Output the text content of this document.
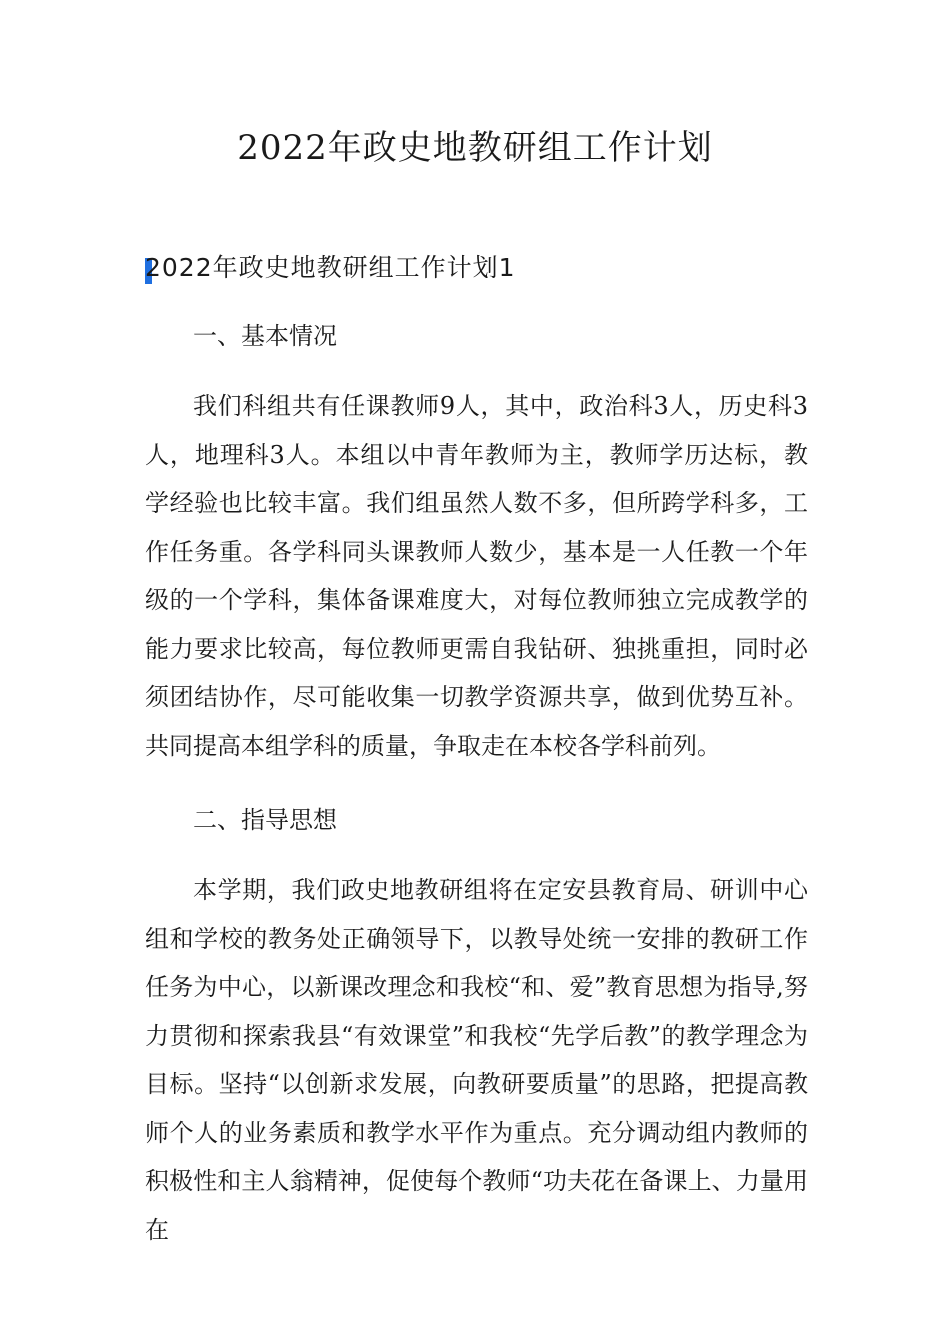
2022年政史地教研组工作计划
2022年政史地教研组工作计划1

一、基本情况

我们科组共有任课教师9人，其中，政治科3人，历史科3人，地理科3人。本组以中青年教师为主，教师学历达标，教学经验也比较丰富。我们组虽然人数不多，但所跨学科多，工作任务重。各学科同头课教师人数少，基本是一人任教一个年级的一个学科，集体备课难度大，对每位教师独立完成教学的能力要求比较高，每位教师更需自我钻研、独挑重担，同时必须团结协作，尽可能收集一切教学资源共享，做到优势互补。共同提高本组学科的质量，争取走在本校各学科前列。

二、指导思想

本学期，我们政史地教研组将在定安县教育局、研训中心组和学校的教务处正确领导下，以教导处统一安排的教研工作任务为中心，以新课改理念和我校“和、爱”教育思想为指导,努力贯彻和探索我县“有效课堂”和我校“先学后教”的教学理念为目标。坚持“以创新求发展，向教研要质量”的思路，把提高教师个人的业务素质和教学水平作为重点。充分调动组内教师的积极性和主人翁精神，促使每个教师“功夫花在备课上、力量用在
